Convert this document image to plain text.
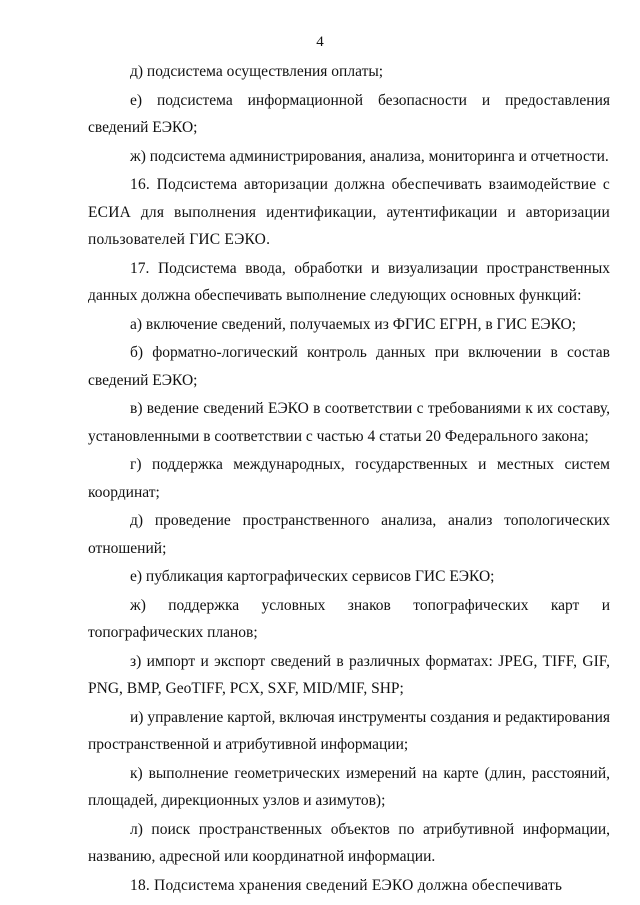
4

д) подсистема осуществления оплаты;

е) подсистема информационной безопасности и предоставления сведений ЕЭКО;

ж) подсистема администрирования, анализа, мониторинга и отчетности.

16. Подсистема авторизации должна обеспечивать взаимодействие с ЕСИА для выполнения идентификации, аутентификации и авторизации пользователей ГИС ЕЭКО.

17. Подсистема ввода, обработки и визуализации пространственных данных должна обеспечивать выполнение следующих основных функций:

а) включение сведений, получаемых из ФГИС ЕГРН, в ГИС ЕЭКО;

б) форматно-логический контроль данных при включении в состав сведений ЕЭКО;

в) ведение сведений ЕЭКО в соответствии с требованиями к их составу, установленными в соответствии с частью 4 статьи 20 Федерального закона;

г) поддержка международных, государственных и местных систем координат;

д) проведение пространственного анализа, анализ топологических отношений;

е) публикация картографических сервисов ГИС ЕЭКО;

ж) поддержка условных знаков топографических карт и топографических планов;

з) импорт и экспорт сведений в различных форматах: JPEG, TIFF, GIF, PNG, BMP, GeoTIFF, PCX, SXF, MID/MIF, SHP;

и) управление картой, включая инструменты создания и редактирования пространственной и атрибутивной информации;

к) выполнение геометрических измерений на карте (длин, расстояний, площадей, дирекционных узлов и азимутов);

л) поиск пространственных объектов по атрибутивной информации, названию, адресной или координатной информации.

18. Подсистема хранения сведений ЕЭКО должна обеспечивать
